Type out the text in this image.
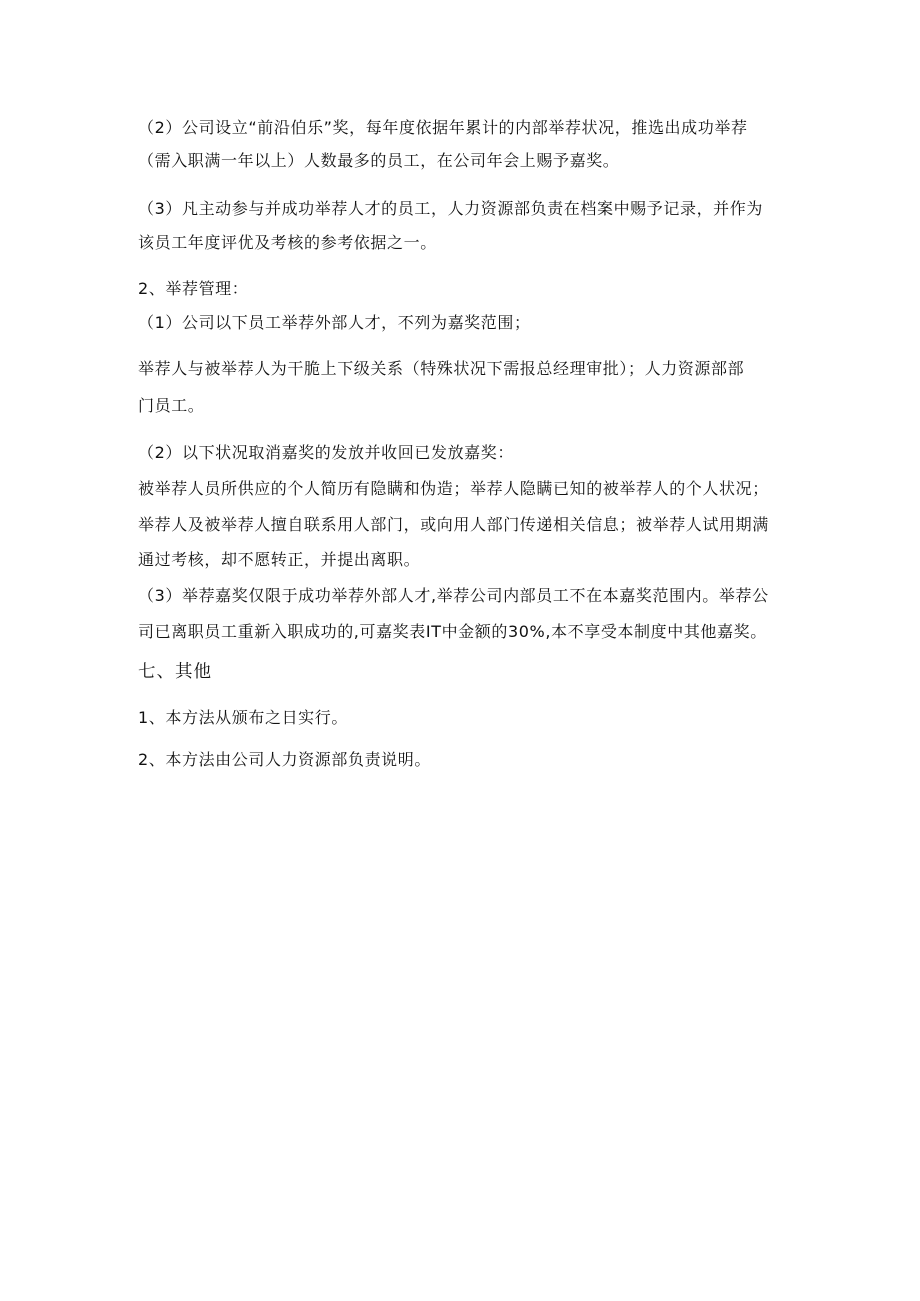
（2）公司设立“前沿伯乐”奖，每年度依据年累计的内部举荐状况，推选出成功举荐
（需入职满一年以上）人数最多的员工，在公司年会上赐予嘉奖。
（3）凡主动参与并成功举荐人才的员工，人力资源部负责在档案中赐予记录，并作为
该员工年度评优及考核的参考依据之一。
2、举荐管理：
（1）公司以下员工举荐外部人才，不列为嘉奖范围；
举荐人与被举荐人为干脆上下级关系（特殊状况下需报总经理审批）；人力资源部部
门员工。
（2）以下状况取消嘉奖的发放并收回已发放嘉奖：
被举荐人员所供应的个人简历有隐瞒和伪造；举荐人隐瞒已知的被举荐人的个人状况；
举荐人及被举荐人擅自联系用人部门，或向用人部门传递相关信息；被举荐人试用期满
通过考核，却不愿转正，并提出离职。
（3）举荐嘉奖仅限于成功举荐外部人才,举荐公司内部员工不在本嘉奖范围内。举荐公
司已离职员工重新入职成功的,可嘉奖表IT中金额的30%,本不享受本制度中其他嘉奖。
七、其他
1、本方法从颁布之日实行。
2、本方法由公司人力资源部负责说明。
